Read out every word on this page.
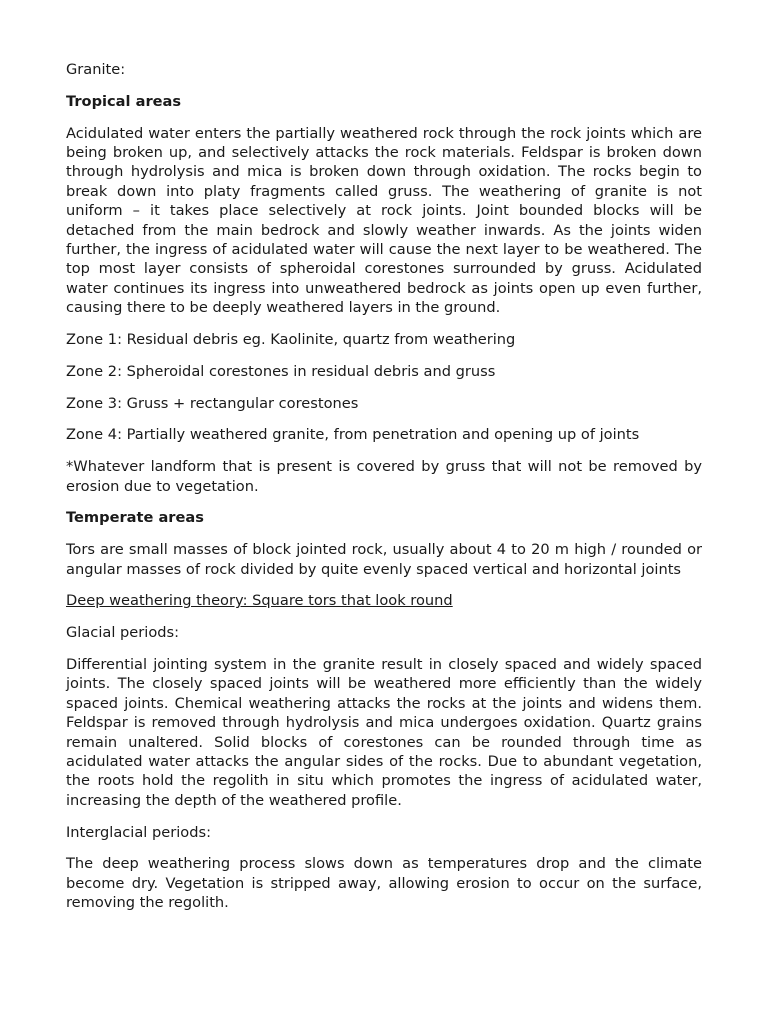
Granite:

Tropical areas

Acidulated water enters the partially weathered rock through the rock joints which are being broken up, and selectively attacks the rock materials. Feldspar is broken down through hydrolysis and mica is broken down through oxidation. The rocks begin to break down into platy fragments called gruss. The weathering of granite is not uniform – it takes place selectively at rock joints. Joint bounded blocks will be detached from the main bedrock and slowly weather inwards. As the joints widen further, the ingress of acidulated water will cause the next layer to be weathered. The top most layer consists of spheroidal corestones surrounded by gruss. Acidulated water continues its ingress into unweathered bedrock as joints open up even further, causing there to be deeply weathered layers in the ground.

Zone 1: Residual debris eg. Kaolinite, quartz from weathering

Zone 2: Spheroidal corestones in residual debris and gruss

Zone 3: Gruss + rectangular corestones

Zone 4: Partially weathered granite, from penetration and opening up of joints

*Whatever landform that is present is covered by gruss that will not be removed by erosion due to vegetation.

Temperate areas

Tors are small masses of block jointed rock, usually about 4 to 20 m high / rounded or angular masses of rock divided by quite evenly spaced vertical and horizontal joints

Deep weathering theory: Square tors that look round

Glacial periods:

Differential jointing system in the granite result in closely spaced and widely spaced joints. The closely spaced joints will be weathered more efficiently than the widely spaced joints. Chemical weathering attacks the rocks at the joints and widens them. Feldspar is removed through hydrolysis and mica undergoes oxidation. Quartz grains remain unaltered. Solid blocks of corestones can be rounded through time as acidulated water attacks the angular sides of the rocks. Due to abundant vegetation, the roots hold the regolith in situ which promotes the ingress of acidulated water, increasing the depth of the weathered profile.

Interglacial periods:

The deep weathering process slows down as temperatures drop and the climate become dry. Vegetation is stripped away, allowing erosion to occur on the surface, removing the regolith.
